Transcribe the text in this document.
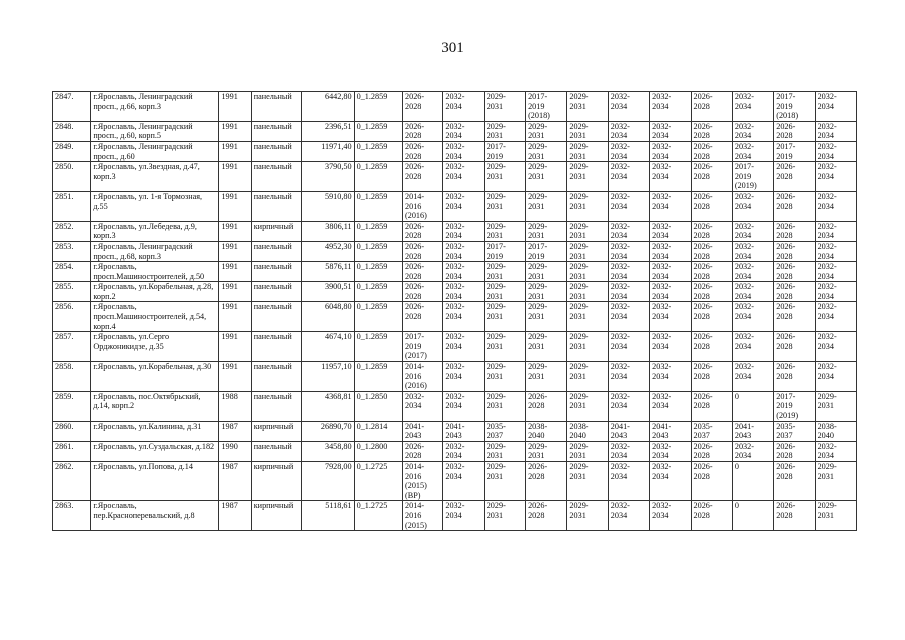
301
2847.	г.Ярославль, Ленинградский просп., д.66, корп.3	1991	панельный	6442,80	0_1.2859	2026-
2028	2032-
2034	2029-
2031	2017-
2019
(2018)	2029-
2031	2032-
2034	2032-
2034	2026-
2028	2032-
2034	2017-
2019
(2018)	2032-
2034
2848.	г.Ярославль, Ленинградский просп., д.60, корп.5	1991	панельный	2396,51	0_1.2859	2026-
2028	2032-
2034	2029-
2031	2029-
2031	2029-
2031	2032-
2034	2032-
2034	2026-
2028	2032-
2034	2026-
2028	2032-
2034
2849.	г.Ярославль, Ленинградский просп., д.60	1991	панельный	11971,40	0_1.2859	2026-
2028	2032-
2034	2017-
2019	2029-
2031	2029-
2031	2032-
2034	2032-
2034	2026-
2028	2032-
2034	2017-
2019	2032-
2034
2850.	г.Ярославль, ул.Звездная, д.47, корп.3	1991	панельный	3790,50	0_1.2859	2026-
2028	2032-
2034	2029-
2031	2029-
2031	2029-
2031	2032-
2034	2032-
2034	2026-
2028	2017-
2019
(2019)	2026-
2028	2032-
2034
2851.	г.Ярославль, ул. 1-я Тормозная, д.55	1991	панельный	5910,80	0_1.2859	2014-
2016
(2016)	2032-
2034	2029-
2031	2029-
2031	2029-
2031	2032-
2034	2032-
2034	2026-
2028	2032-
2034	2026-
2028	2032-
2034
2852.	г.Ярославль, ул.Лебедева, д.9, корп.3	1991	кирпичный	3806,11	0_1.2859	2026-
2028	2032-
2034	2029-
2031	2029-
2031	2029-
2031	2032-
2034	2032-
2034	2026-
2028	2032-
2034	2026-
2028	2032-
2034
2853.	г.Ярославль, Ленинградский просп., д.68, корп.3	1991	панельный	4952,30	0_1.2859	2026-
2028	2032-
2034	2017-
2019	2017-
2019	2029-
2031	2032-
2034	2032-
2034	2026-
2028	2032-
2034	2026-
2028	2032-
2034
2854.	г.Ярославль, просп.Машиностроителей, д.50	1991	панельный	5876,11	0_1.2859	2026-
2028	2032-
2034	2029-
2031	2029-
2031	2029-
2031	2032-
2034	2032-
2034	2026-
2028	2032-
2034	2026-
2028	2032-
2034
2855.	г.Ярославль, ул.Корабельная, д.28, корп.2	1991	панельный	3900,51	0_1.2859	2026-
2028	2032-
2034	2029-
2031	2029-
2031	2029-
2031	2032-
2034	2032-
2034	2026-
2028	2032-
2034	2026-
2028	2032-
2034
2856.	г.Ярославль, просп.Машиностроителей, д.54, корп.4	1991	панельный	6048,80	0_1.2859	2026-
2028	2032-
2034	2029-
2031	2029-
2031	2029-
2031	2032-
2034	2032-
2034	2026-
2028	2032-
2034	2026-
2028	2032-
2034
2857.	г.Ярославль, ул.Серго Орджоникидзе, д.35	1991	панельный	4674,10	0_1.2859	2017-
2019
(2017)	2032-
2034	2029-
2031	2029-
2031	2029-
2031	2032-
2034	2032-
2034	2026-
2028	2032-
2034	2026-
2028	2032-
2034
2858.	г.Ярославль, ул.Корабельная, д.30	1991	панельный	11957,10	0_1.2859	2014-
2016
(2016)	2032-
2034	2029-
2031	2029-
2031	2029-
2031	2032-
2034	2032-
2034	2026-
2028	2032-
2034	2026-
2028	2032-
2034
2859.	г.Ярославль, пос.Октябрьский, д.14, корп.2	1988	панельный	4368,81	0_1.2850	2032-
2034	2032-
2034	2029-
2031	2026-
2028	2029-
2031	2032-
2034	2032-
2034	2026-
2028	0	2017-
2019
(2019)	2029-
2031
2860.	г.Ярославль, ул.Калинина, д.31	1987	кирпичный	26890,70	0_1.2814	2041-
2043	2041-
2043	2035-
2037	2038-
2040	2038-
2040	2041-
2043	2041-
2043	2035-
2037	2041-
2043	2035-
2037	2038-
2040
2861.	г.Ярославль, ул.Суздальская, д.182	1990	панельный	3458,80	0_1.2800	2026-
2028	2032-
2034	2029-
2031	2029-
2031	2029-
2031	2032-
2034	2032-
2034	2026-
2028	2032-
2034	2026-
2028	2032-
2034
2862.	г.Ярославль, ул.Попова, д.14	1987	кирпичный	7928,00	0_1.2725	2014-
2016
(2015)
(ВР)	2032-
2034	2029-
2031	2026-
2028	2029-
2031	2032-
2034	2032-
2034	2026-
2028	0	2026-
2028	2029-
2031
2863.	г.Ярославль, пер.Красноперевальский, д.8	1987	кирпичный	5118,61	0_1.2725	2014-
2016
(2015)	2032-
2034	2029-
2031	2026-
2028	2029-
2031	2032-
2034	2032-
2034	2026-
2028	0	2026-
2028	2029-
2031
